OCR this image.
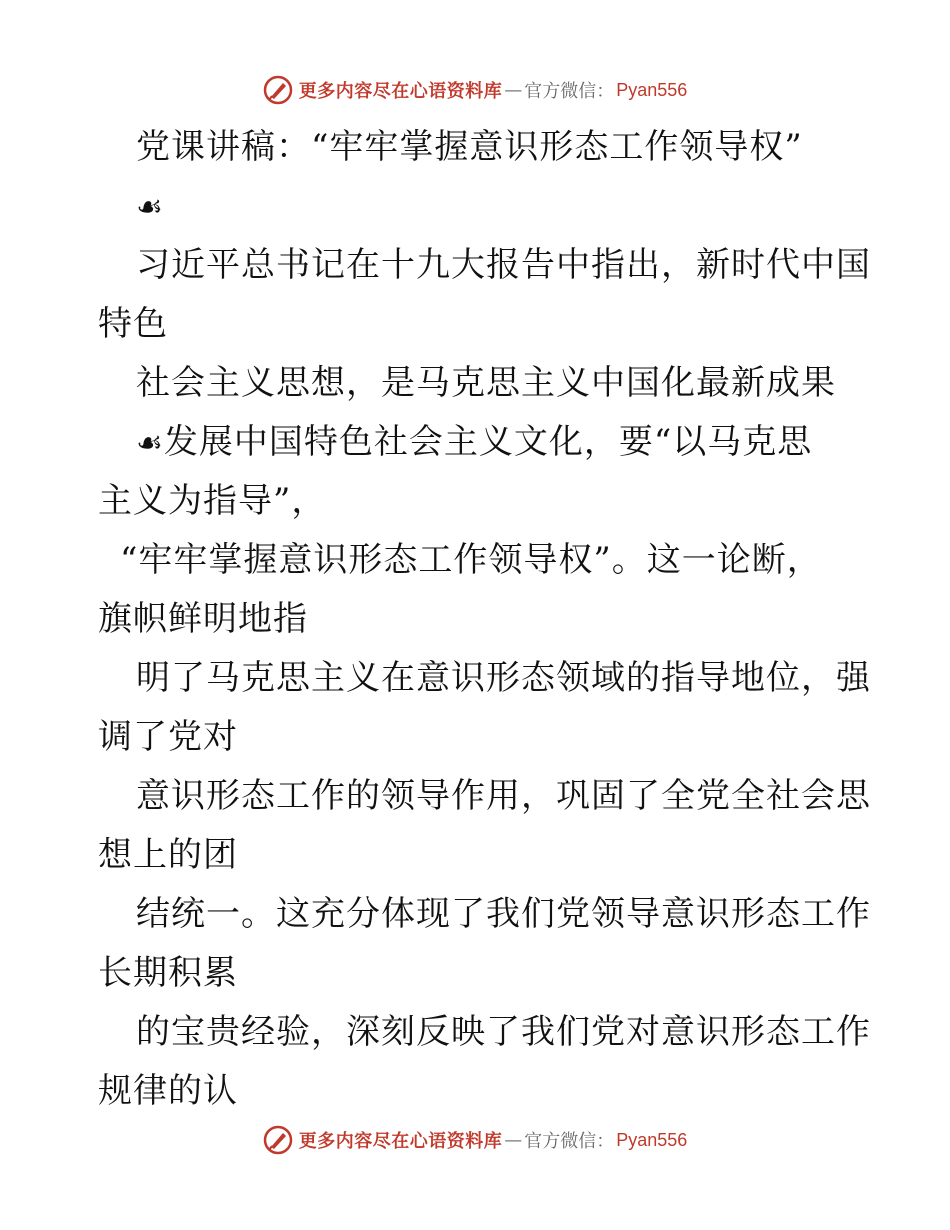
更多内容尽在心语资料库 — 官方微信： Pyan556
党课讲稿：“牢牢掌握意识形态工作领导权”
☙
习近平总书记在十九大报告中指出，新时代中国
特色
社会主义思想，是马克思主义中国化最新成果
☙发展中国特色社会主义文化，要“以马克思
主义为指导”，
“牢牢掌握意识形态工作领导权”。这一论断，
旗帜鲜明地指
明了马克思主义在意识形态领域的指导地位，强
调了党对
意识形态工作的领导作用，巩固了全党全社会思
想上的团
结统一。这充分体现了我们党领导意识形态工作
长期积累
的宝贵经验，深刻反映了我们党对意识形态工作
规律的认
更多内容尽在心语资料库 — 官方微信： Pyan556
